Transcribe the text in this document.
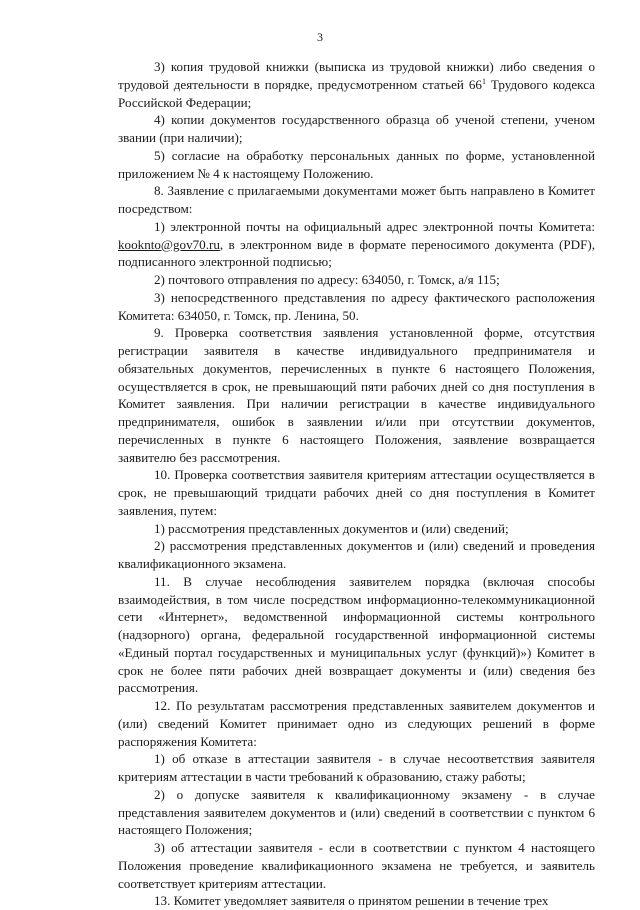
3

3) копия трудовой книжки (выписка из трудовой книжки) либо сведения о трудовой деятельности в порядке, предусмотренном статьей $66^1$ Трудового кодекса Российской Федерации;

4) копии документов государственного образца об ученой степени, ученом звании (при наличии);

5) согласие на обработку персональных данных по форме, установленной приложением № 4 к настоящему Положению.

8. Заявление с прилагаемыми документами может быть направлено в Комитет посредством:

1) электронной почты на официальный адрес электронной почты Комитета: kooknto@gov70.ru, в электронном виде в формате переносимого документа (PDF), подписанного электронной подписью;

2) почтового отправления по адресу: 634050, г. Томск, а/я 115;

3) непосредственного представления по адресу фактического расположения Комитета: 634050, г. Томск, пр. Ленина, 50.

9. Проверка соответствия заявления установленной форме, отсутствия регистрации заявителя в качестве индивидуального предпринимателя и обязательных документов, перечисленных в пункте 6 настоящего Положения, осуществляется в срок, не превышающий пяти рабочих дней со дня поступления в Комитет заявления. При наличии регистрации в качестве индивидуального предпринимателя, ошибок в заявлении и/или при отсутствии документов, перечисленных в пункте 6 настоящего Положения, заявление возвращается заявителю без рассмотрения.

10. Проверка соответствия заявителя критериям аттестации осуществляется в срок, не превышающий тридцати рабочих дней со дня поступления в Комитет заявления, путем:

1) рассмотрения представленных документов и (или) сведений;

2) рассмотрения представленных документов и (или) сведений и проведения квалификационного экзамена.

11. В случае несоблюдения заявителем порядка (включая способы взаимодействия, в том числе посредством информационно-телекоммуникационной сети «Интернет», ведомственной информационной системы контрольного (надзорного) органа, федеральной государственной информационной системы «Единый портал государственных и муниципальных услуг (функций)») Комитет в срок не более пяти рабочих дней возвращает документы и (или) сведения без рассмотрения.

12. По результатам рассмотрения представленных заявителем документов и (или) сведений Комитет принимает одно из следующих решений в форме распоряжения Комитета:

1) об отказе в аттестации заявителя - в случае несоответствия заявителя критериям аттестации в части требований к образованию, стажу работы;

2) о допуске заявителя к квалификационному экзамену - в случае представления заявителем документов и (или) сведений в соответствии с пунктом 6 настоящего Положения;

3) об аттестации заявителя - если в соответствии с пунктом 4 настоящего Положения проведение квалификационного экзамена не требуется, и заявитель соответствует критериям аттестации.

13. Комитет уведомляет заявителя о принятом решении в течение трех
